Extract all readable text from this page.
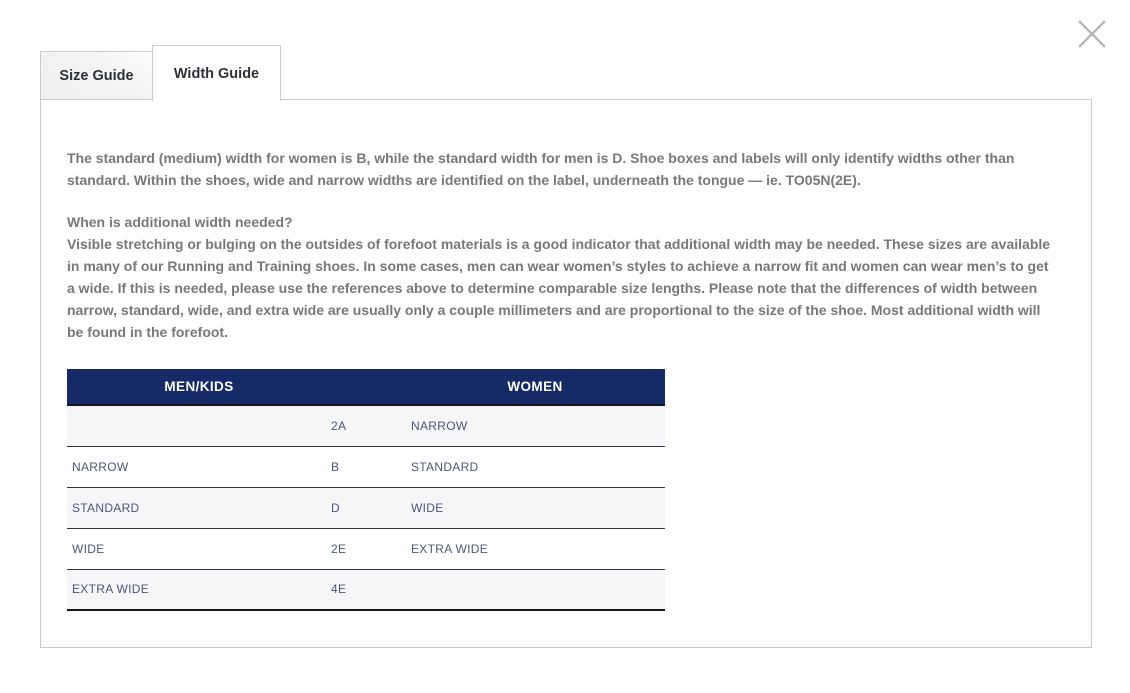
Size Guide	Width Guide
The standard (medium) width for women is B, while the standard width for men is D. Shoe boxes and labels will only identify widths other than standard. Within the shoes, wide and narrow widths are identified on the label, underneath the tongue — ie. TO05N(2E).
When is additional width needed?
Visible stretching or bulging on the outsides of forefoot materials is a good indicator that additional width may be needed. These sizes are available in many of our Running and Training shoes. In some cases, men can wear women’s styles to achieve a narrow fit and women can wear men’s to get a wide. If this is needed, please use the references above to determine comparable size lengths. Please note that the differences of width between narrow, standard, wide, and extra wide are usually only a couple millimeters and are proportional to the size of the shoe. Most additional width will be found in the forefoot.
MEN/KIDS		WOMEN
	2A	NARROW
NARROW	B	STANDARD
STANDARD	D	WIDE
WIDE	2E	EXTRA WIDE
EXTRA WIDE	4E	
